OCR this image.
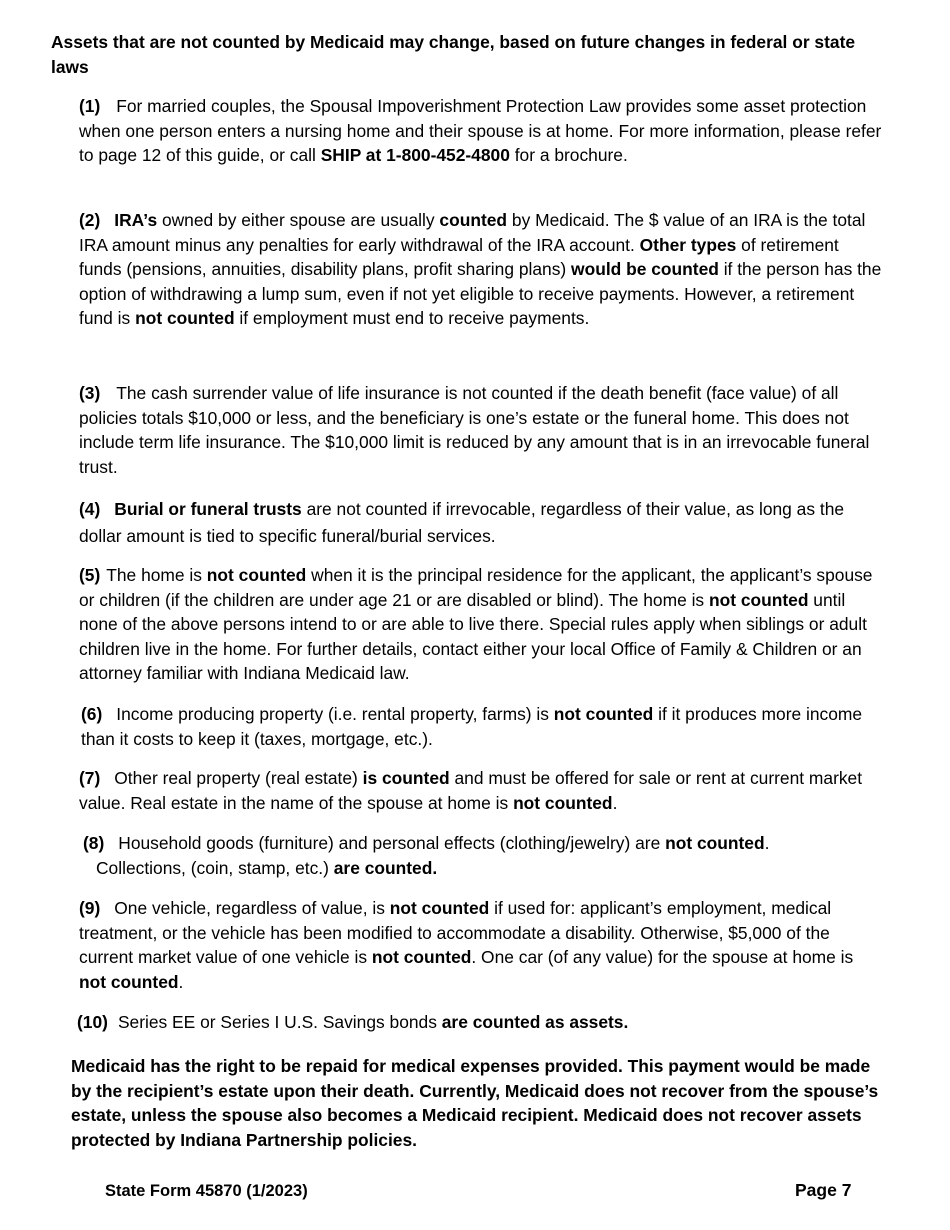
Assets that are not counted by Medicaid may change, based on future changes in federal or state laws
(1) For married couples, the Spousal Impoverishment Protection Law provides some asset protection when one person enters a nursing home and their spouse is at home. For more information, please refer to page 12 of this guide, or call SHIP at 1-800-452-4800 for a brochure.
(2) IRA’s owned by either spouse are usually counted by Medicaid. The $ value of an IRA is the total IRA amount minus any penalties for early withdrawal of the IRA account. Other types of retirement funds (pensions, annuities, disability plans, profit sharing plans) would be counted if the person has the option of withdrawing a lump sum, even if not yet eligible to receive payments. However, a retirement fund is not counted if employment must end to receive payments.
(3) The cash surrender value of life insurance is not counted if the death benefit (face value) of all policies totals $10,000 or less, and the beneficiary is one’s estate or the funeral home. This does not include term life insurance. The $10,000 limit is reduced by any amount that is in an irrevocable funeral trust.
(4) Burial or funeral trusts are not counted if irrevocable, regardless of their value, as long as the dollar amount is tied to specific funeral/burial services.
(5) The home is not counted when it is the principal residence for the applicant, the applicant’s spouse or children (if the children are under age 21 or are disabled or blind). The home is not counted until none of the above persons intend to or are able to live there. Special rules apply when siblings or adult children live in the home. For further details, contact either your local Office of Family & Children or an attorney familiar with Indiana Medicaid law.
(6) Income producing property (i.e. rental property, farms) is not counted if it produces more income than it costs to keep it (taxes, mortgage, etc.).
(7) Other real property (real estate) is counted and must be offered for sale or rent at current market value. Real estate in the name of the spouse at home is not counted.
(8) Household goods (furniture) and personal effects (clothing/jewelry) are not counted.
Collections, (coin, stamp, etc.) are counted.
(9) One vehicle, regardless of value, is not counted if used for: applicant’s employment, medical treatment, or the vehicle has been modified to accommodate a disability. Otherwise, $5,000 of the current market value of one vehicle is not counted. One car (of any value) for the spouse at home is not counted.
(10) Series EE or Series I U.S. Savings bonds are counted as assets.
Medicaid has the right to be repaid for medical expenses provided. This payment would be made by the recipient’s estate upon their death. Currently, Medicaid does not recover from the spouse’s estate, unless the spouse also becomes a Medicaid recipient. Medicaid does not recover assets protected by Indiana Partnership policies.
State Form 45870 (1/2023)	Page 7
